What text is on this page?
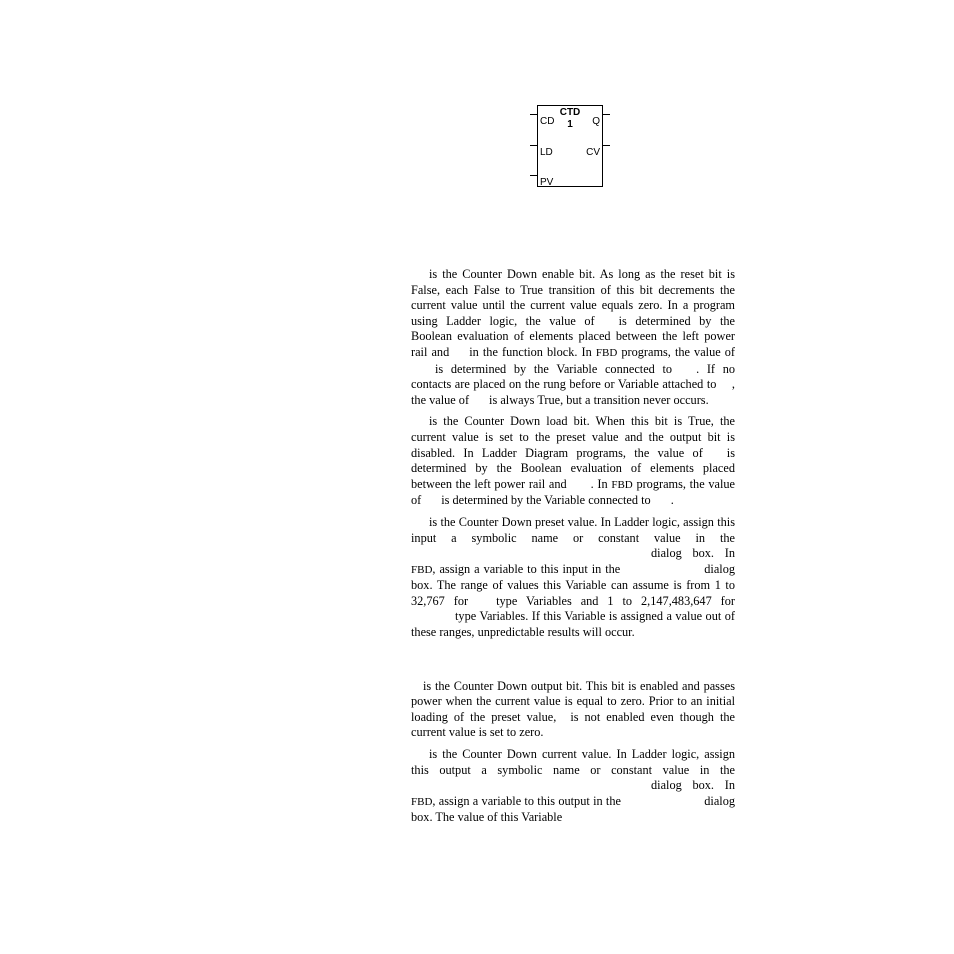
CTD
1
CD
LD
PV
Q
CV
is the Counter Down enable bit. As long as the reset bit is False, each False to True transition of this bit decrements the current value until the current value equals zero. In a program using Ladder logic, the value of is determined by the Boolean evaluation of elements placed between the left power rail and in the function block. In FBD programs, the value ofis determined by the Variable connected to . If no contacts are placed on the rung before or Variable attached to , the value of is always True, but a transition never occurs.
is the Counter Down load bit. When this bit is True, the current value is set to the preset value and the output bit is disabled. In Ladder Diagram programs, the value of is determined by the Boolean evaluation of elements placed between the left power rail and . In FBD programs, the value of is determined by the Variable connected to .
is the Counter Down preset value. In Ladder logic, assign this input a symbolic name or constant value in the dialog box. In FBD, assign a variable to this input in the	dialog box. The range of values this Variable can assume is from 1 to 32,767 for type Variables and 1 to 2,147,483,647 fortype Variables. If this Variable is assigned a value out of these ranges, unpredictable results will occur.
is the Counter Down output bit. This bit is enabled and passes power when the current value is equal to zero. Prior to an initial loading of the preset value, is not enabled even though the current value is set to zero.
is the Counter Down current value. In Ladder logic, assign this output a symbolic name or constant value in the dialog box. In FBD, assign a variable to this output in the	dialog box. The value of this Variable
